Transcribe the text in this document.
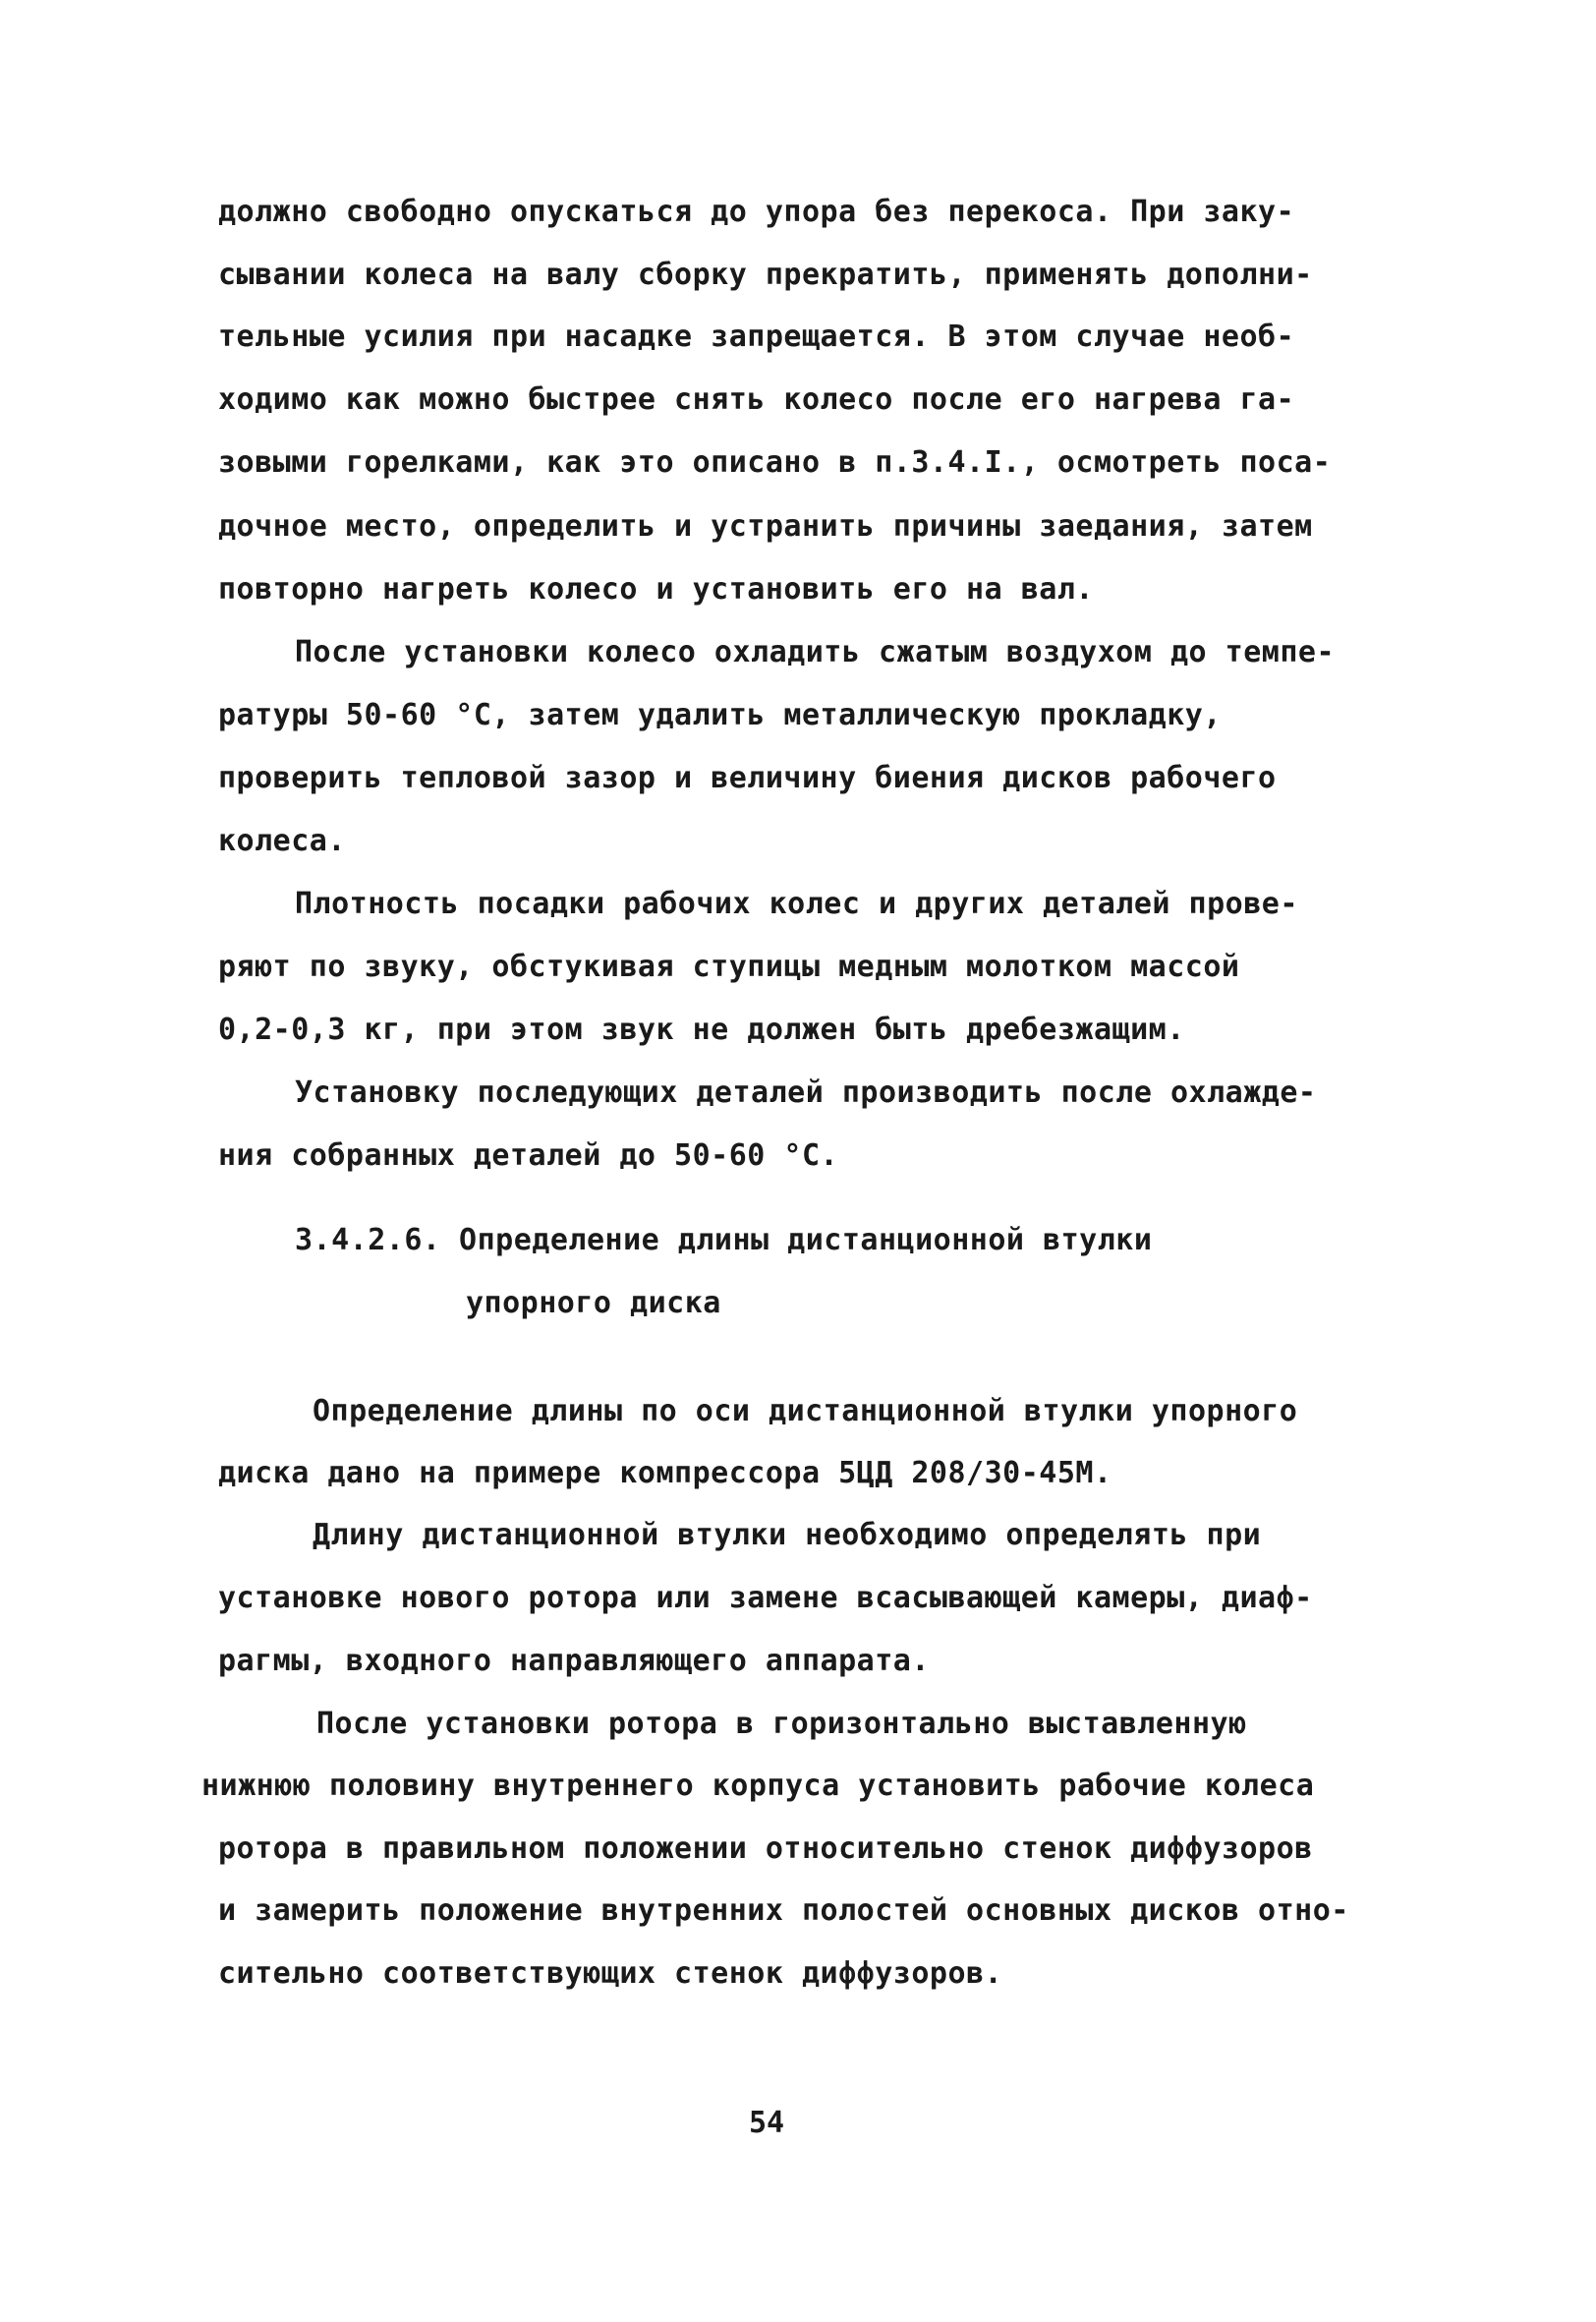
должно свободно опускаться до упора без перекоса. При заку-
сывании колеса на валу сборку прекратить, применять дополни-
тельные усилия при насадке запрещается. В этом случае необ-
ходимо как можно быстрее снять колесо после его нагрева га-
зовыми горелками, как это описано в п.3.4.I., осмотреть поса-
дочное место, определить и устранить причины заедания, затем
повторно нагреть колесо и установить его на вал.
После установки колесо охладить сжатым воздухом до темпе-
ратуры 50-60 °С, затем удалить металлическую прокладку,
проверить тепловой зазор и величину биения дисков рабочего
колеса.
Плотность посадки рабочих колес и других деталей прове-
ряют по звуку, обстукивая ступицы медным молотком массой
0,2-0,3 кг, при этом звук не должен быть дребезжащим.
Установку последующих деталей производить после охлажде-
ния собранных деталей до 50-60 °С.
3.4.2.6. Определение длины дистанционной втулки
упорного диска
Определение длины по оси дистанционной втулки упорного
диска дано на примере компрессора 5ЦД 208/30-45М.
Длину дистанционной втулки необходимо определять при
установке нового ротора или замене всасывающей камеры, диаф-
рагмы, входного направляющего аппарата.
После установки ротора в горизонтально выставленную
нижнюю половину внутреннего корпуса установить рабочие колеса
ротора в правильном положении относительно стенок диффузоров
и замерить положение внутренних полостей основных дисков отно-
сительно соответствующих стенок диффузоров.
54
